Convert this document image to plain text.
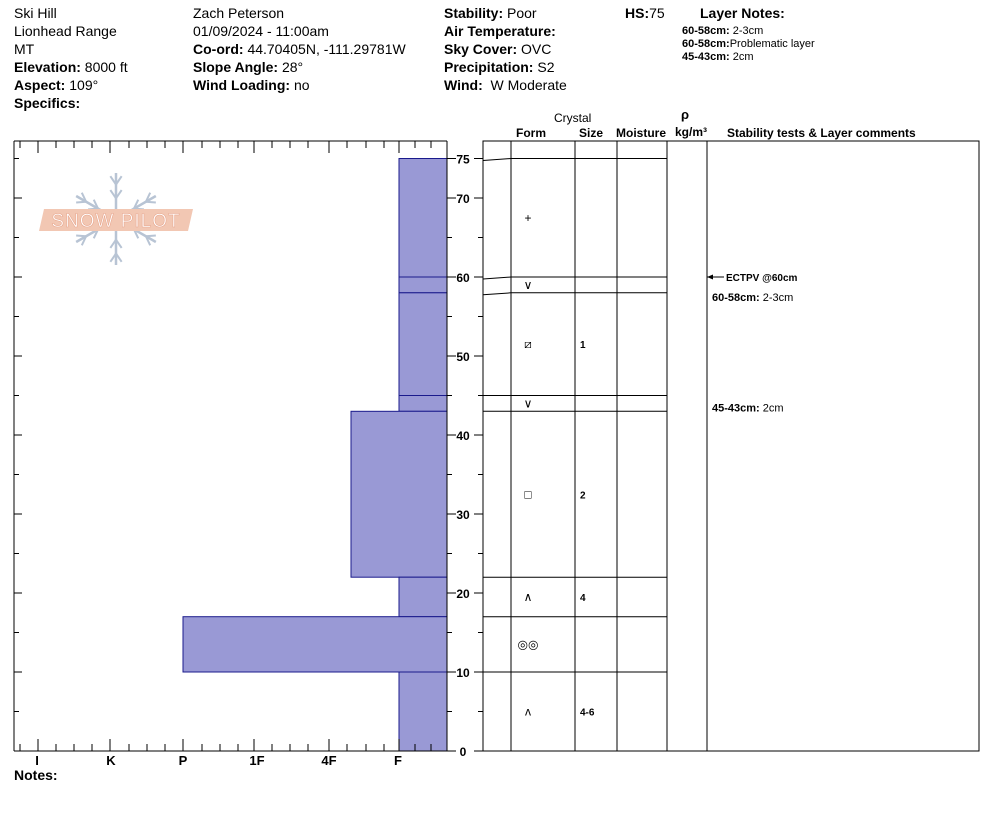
Ski Hill
Lionhead Range
MT
Elevation: 8000 ft
Aspect: 109°
Specifics:
Zach Peterson
01/09/2024 - 11:00am
Co-ord: 44.70405N, -111.29781W
Slope Angle: 28°
Wind Loading: no
Stability: Poor
Air Temperature:
Sky Cover: OVC
Precipitation: S2
Wind: W Moderate
HS:75	Layer Notes:
60-58cm: 2-3cm
60-58cm:Problematic layer
45-43cm: 2cm
Crystal
Form	Size Moisture
ρ
kg/m³ Stability tests & Layer comments
SNOW PILOT
I	K	P	1F	4F	F
75
70
60
50
40
30
20
10
0
+
∨
⧄	1
∨
□	2
∧	4
◎◎
ʌ	4-6
ECTPV @60cm
60-58cm: 2-3cm
45-43cm: 2cm
Notes:
